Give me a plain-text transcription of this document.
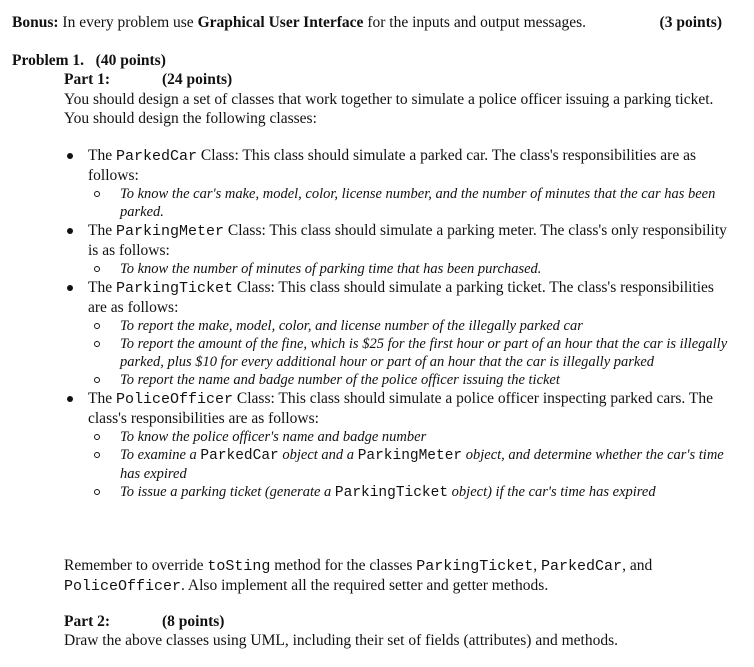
Bonus: In every problem use Graphical User Interface for the inputs and output messages.	(3 points)
Problem 1.   (40 points)
Part 1:	(24 points)
You should design a set of classes that work together to simulate a police officer issuing a parking ticket. You should design the following classes:
The ParkedCar Class: This class should simulate a parked car. The class's responsibilities are as follows:
To know the car's make, model, color, license number, and the number of minutes that the car has been parked.
The ParkingMeter Class: This class should simulate a parking meter. The class's only responsibility is as follows:
To know the number of minutes of parking time that has been purchased.
The ParkingTicket Class: This class should simulate a parking ticket. The class's responsibilities are as follows:
To report the make, model, color, and license number of the illegally parked car
To report the amount of the fine, which is $25 for the first hour or part of an hour that the car is illegally parked, plus $10 for every additional hour or part of an hour that the car is illegally parked
To report the name and badge number of the police officer issuing the ticket
The PoliceOfficer Class: This class should simulate a police officer inspecting parked cars. The class's responsibilities are as follows:
To know the police officer's name and badge number
To examine a ParkedCar object and a ParkingMeter object, and determine whether the car's time has expired
To issue a parking ticket (generate a ParkingTicket object) if the car's time has expired
Remember to override toSting method for the classes ParkingTicket, ParkedCar, and PoliceOfficer. Also implement all the required setter and getter methods.
Part 2:	(8 points)
Draw the above classes using UML, including their set of fields (attributes) and methods.
